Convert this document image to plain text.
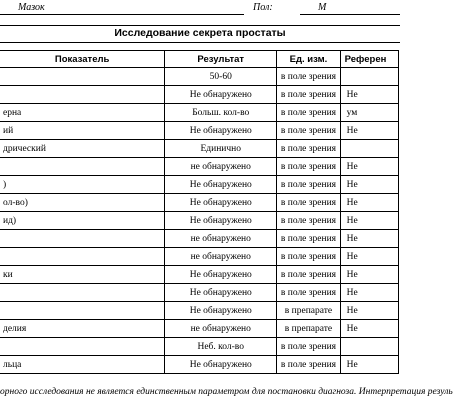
Мазок	Пол:	М
Исследование секрета простаты
Показатель	Результат	Ед. изм.	Референ
	50-60	в поле зрения	
	Не обнаружено	в поле зрения	Не
ерна	Больш. кол-во	в поле зрения	ум
ий	Не обнаружено	в поле зрения	Не
дрический	Единично	в поле зрения	
	не обнаружено	в поле зрения	Не
)	Не обнаружено	в поле зрения	Не
ол-во)	Не обнаружено	в поле зрения	Не
ид)	Не обнаружено	в поле зрения	Не
	не обнаружено	в поле зрения	Не
	не обнаружено	в поле зрения	Не
ки	Не обнаружено	в поле зрения	Не
	Не обнаружено	в поле зрения	Не
	Не обнаружено	в препарате	Не
делия	не обнаружено	в препарате	Не
	Неб. кол-во	в поле зрения	
льца	Не обнаружено	в поле зрения	Не
орного исследования не является единственным параметром для постановки диагноза. Интерпретация резуль
